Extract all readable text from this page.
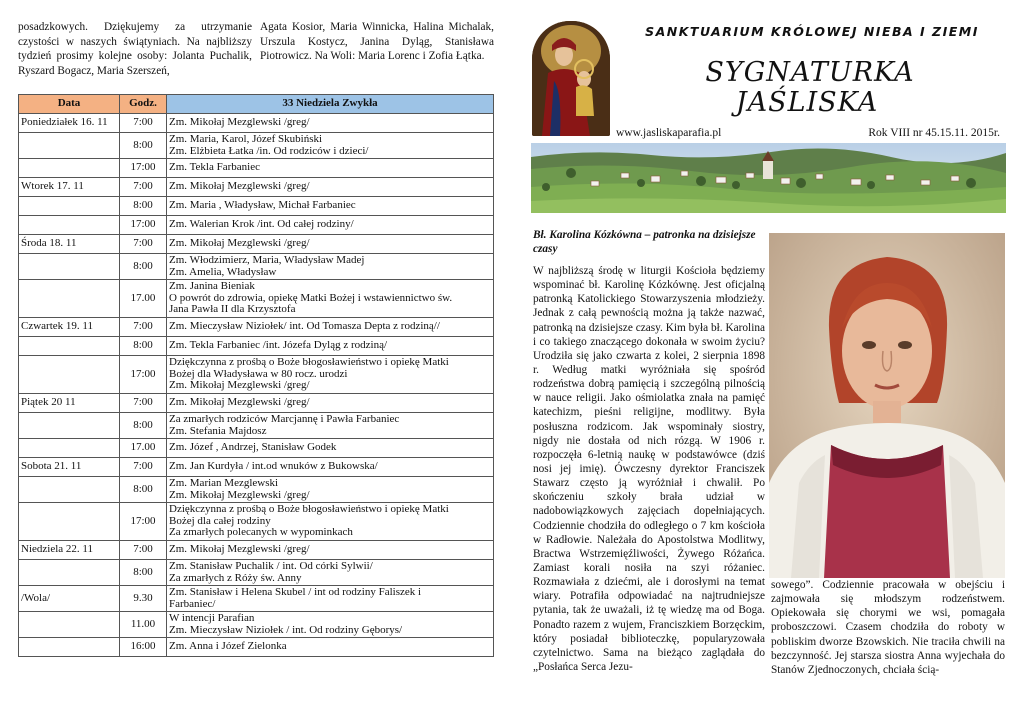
posadzkowych. Dziękujemy za utrzymanie czystości w naszych świątyniach. Na najbliższy tydzień prosimy kolejne osoby: Jolanta Puchalik, Ryszard Bogacz, Maria Szerszeń,

Agata Kosior, Maria Winnicka, Halina Michalak, Urszula Kostycz, Janina Dyląg, Stanisława Piotrowicz. Na Woli: Maria Lorenc i Zofia Łątka.

Data	Godz.	33 Niedziela Zwykła
Poniedziałek 16. 11	7:00	Zm. Mikołaj Mezglewski /greg/

	8:00	Zm. Maria, Karol, Józef Skubiński
Zm. Elżbieta Łatka /in. Od rodziców i dzieci/

	17:00	Zm. Tekla Farbaniec

Wtorek 17. 11	7:00	Zm. Mikołaj Mezglewski /greg/

	8:00	Zm. Maria , Władysław, Michał Farbaniec

	17:00	Zm. Walerian Krok /int. Od całej rodziny/

Środa 18. 11	7:00	Zm. Mikołaj Mezglewski /greg/

	8:00	Zm. Włodzimierz, Maria, Władysław Madej
Zm. Amelia, Władysław

	17.00	Zm. Janina Bieniak
O powrót do zdrowia, opiekę Matki Bożej i wstawiennictwo św.
Jana Pawła II dla Krzysztofa

Czwartek 19. 11	7:00	Zm. Mieczysław Niziołek/ int. Od Tomasza Depta z rodziną//

	8:00	Zm. Tekla Farbaniec /int. Józefa Dyląg z rodziną/

	17:00	Dziękczynna z prośbą o Boże błogosławieństwo i opiekę Matki
Bożej dla Władysława w 80 rocz. urodzi
Zm. Mikołaj Mezglewski /greg/

Piątek 20 11	7:00	Zm. Mikołaj Mezglewski /greg/

	8:00	Za zmarłych rodziców Marcjannę i Pawła Farbaniec
Zm. Stefania Majdosz

	17.00	Zm. Józef , Andrzej, Stanisław Godek

Sobota 21. 11	7:00	Zm. Jan Kurdyła / int.od wnuków z Bukowska/

	8:00	Zm. Marian Mezglewski
Zm. Mikołaj Mezglewski /greg/

	17:00	Dziękczynna z prośbą o Boże błogosławieństwo i opiekę Matki
Bożej dla całej rodziny
Za zmarłych polecanych w wypominkach

Niedziela 22. 11	7:00	Zm. Mikołaj Mezglewski /greg/

	8:00	Zm. Stanisław Puchalik / int. Od córki Sylwii/
Za zmarłych z Róży św. Anny

/Wola/	9.30	Zm. Stanisław i Helena Skubel / int od rodziny Faliszek i
Farbaniec/

	11.00	W intencji Parafian
Zm. Mieczysław Niziołek / int. Od rodziny Gęborys/

	16:00	Zm. Anna i Józef Zielonka
SANKTUARIUM KRÓLOWEJ NIEBA I ZIEMI
SYGNATURKA
JAŚLISKA
www.jasliskaparafia.pl	Rok VIII nr 45.15.11. 2015r.
Bł. Karolina Kózkówna – patronka na dzisiejsze czasy

W najbliższą środę w liturgii Kościoła będziemy wspominać bł. Karolinę Kózkównę. Jest oficjalną patronką Katolickiego Stowarzyszenia młodzieży. Jednak z całą pewnością można ją także nazwać, patronką na dzisiejsze czasy. Kim była bł. Karolina i co takiego znaczącego dokonała w swoim życiu? Urodziła się jako czwarta z kolei, 2 sierpnia 1898 r. Według matki wyróżniała się spośród rodzeństwa dobrą pamięcią i szczególną pilnością w nauce religii. Jako ośmiolatka znała na pamięć katechizm, pieśni religijne, modlitwy. Była posłuszna rodzicom. Jak wspominały siostry, nigdy nie dostała od nich rózgą. W 1906 r. rozpoczęła 6-letnią naukę w podstawówce (dziś nosi jej imię). Ówczesny dyrektor Franciszek Stawarz często ją wyróżniał i chwalił. Po skończeniu szkoły brała udział w nadobowiązkowych zajęciach dopełniających. Codziennie chodziła do odległego o 7 km kościoła w Radłowie. Należała do Apostolstwa Modlitwy, Bractwa Wstrzemięźliwości, Żywego Różańca. Zamiast korali nosiła na szyi różaniec. Rozmawiała z dziećmi, ale i dorosłymi na temat wiary. Potrafiła odpowiadać na najtrudniejsze pytania, tak że uważali, iż tę wiedzę ma od Boga. Ponadto razem z wujem, Franciszkiem Borzęckim, który posiadał biblioteczkę, popularyzowała czytelnictwo. Sama na bieżąco zaglądała do „Posłańca Serca Jezu-

sowego”. Codziennie pracowała w obejściu i zajmowała się młodszym rodzeństwem. Opiekowała się chorymi we wsi, pomagała proboszczowi. Czasem chodziła do roboty w pobliskim dworze Bzowskich. Nie traciła chwili na bezczynność. Jej starsza siostra Anna wyjechała do Stanów Zjednoczonych, chciała ścią-
